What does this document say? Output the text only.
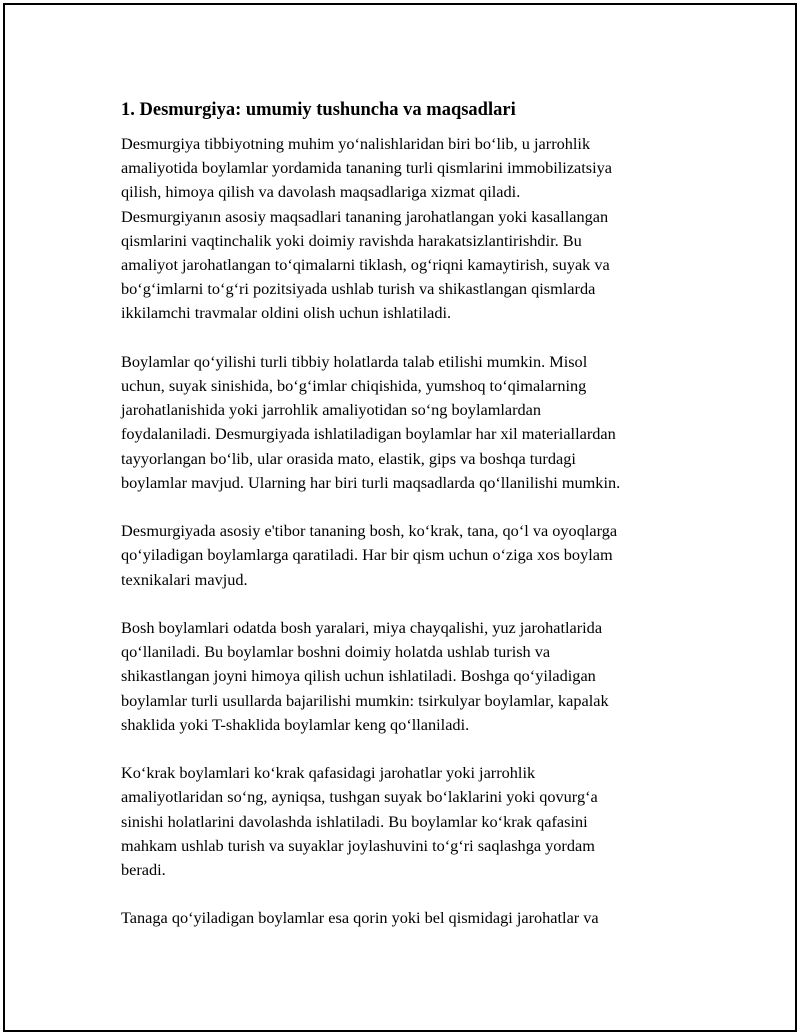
1. Desmurgiya: umumiy tushuncha va maqsadlari

Desmurgiya tibbiyotning muhim yo‘nalishlaridan biri bo‘lib, u jarrohlik
amaliyotida boylamlar yordamida tananing turli qismlarini immobilizatsiya
qilish, himoya qilish va davolash maqsadlariga xizmat qiladi.
Desmurgiyanın asosiy maqsadlari tananing jarohatlangan yoki kasallangan
qismlarini vaqtinchalik yoki doimiy ravishda harakatsizlantirishdir. Bu
amaliyot jarohatlangan to‘qimalarni tiklash, og‘riqni kamaytirish, suyak va
bo‘g‘imlarni to‘g‘ri pozitsiyada ushlab turish va shikastlangan qismlarda
ikkilamchi travmalar oldini olish uchun ishlatiladi.

Boylamlar qo‘yilishi turli tibbiy holatlarda talab etilishi mumkin. Misol
uchun, suyak sinishida, bo‘g‘imlar chiqishida, yumshoq to‘qimalarning
jarohatlanishida yoki jarrohlik amaliyotidan so‘ng boylamlardan
foydalaniladi. Desmurgiyada ishlatiladigan boylamlar har xil materiallardan
tayyorlangan bo‘lib, ular orasida mato, elastik, gips va boshqa turdagi
boylamlar mavjud. Ularning har biri turli maqsadlarda qo‘llanilishi mumkin.

Desmurgiyada asosiy e'tibor tananing bosh, ko‘krak, tana, qo‘l va oyoqlarga
qo‘yiladigan boylamlarga qaratiladi. Har bir qism uchun o‘ziga xos boylam
texnikalari mavjud.

Bosh boylamlari odatda bosh yaralari, miya chayqalishi, yuz jarohatlarida
qo‘llaniladi. Bu boylamlar boshni doimiy holatda ushlab turish va
shikastlangan joyni himoya qilish uchun ishlatiladi. Boshga qo‘yiladigan
boylamlar turli usullarda bajarilishi mumkin: tsirkulyar boylamlar, kapalak
shaklida yoki T-shaklida boylamlar keng qo‘llaniladi.

Ko‘krak boylamlari ko‘krak qafasidagi jarohatlar yoki jarrohlik
amaliyotlaridan so‘ng, ayniqsa, tushgan suyak bo‘laklarini yoki qovurg‘a
sinishi holatlarini davolashda ishlatiladi. Bu boylamlar ko‘krak qafasini
mahkam ushlab turish va suyaklar joylashuvini to‘g‘ri saqlashga yordam
beradi.

Tanaga qo‘yiladigan boylamlar esa qorin yoki bel qismidagi jarohatlar va
